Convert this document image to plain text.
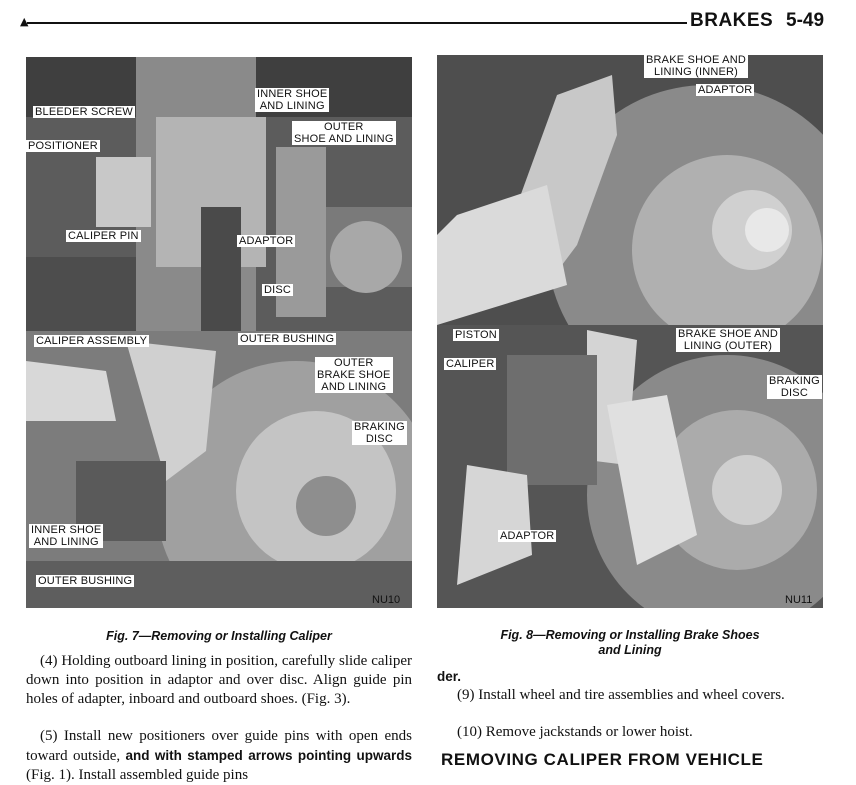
▲	BRAKES 5-49
BLEEDER SCREW
INNER SHOE
AND LINING
OUTER
SHOE AND LINING
POSITIONER
CALIPER PIN	ADAPTOR
DISC
CALIPER ASSEMBLY	OUTER BUSHING
OUTER
BRAKE SHOE
AND LINING
BRAKING
DISC
INNER SHOE
AND LINING
OUTER BUSHING
NU10
BRAKE SHOE AND
LINING (INNER)
ADAPTOR
PISTON	BRAKE SHOE AND
LINING (OUTER)
CALIPER
BRAKING
DISC
ADAPTOR
NU11
Fig. 7—Removing or Installing Caliper	Fig. 8—Removing or Installing Brake Shoes
and Lining
(4) Holding outboard lining in position, carefully slide caliper down into position in adaptor and over disc. Align guide pin holes of adapter, inboard and outboard shoes. (Fig. 3).
(5) Install new positioners over guide pins with open ends toward outside, and with stamped arrows pointing upwards (Fig. 1). Install assembled guide pins
der.
(9) Install wheel and tire assemblies and wheel covers.
(10) Remove jackstands or lower hoist.
REMOVING CALIPER FROM VEHICLE
